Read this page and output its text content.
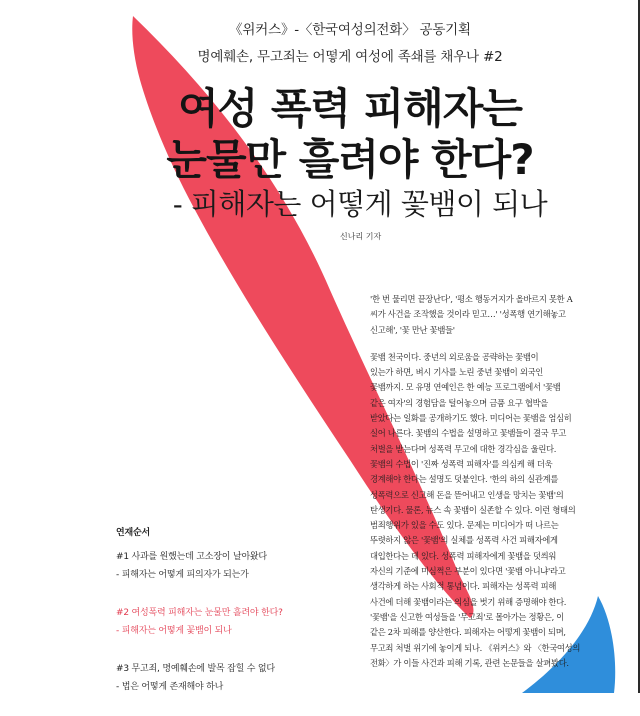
《위커스》-〈한국여성의전화〉 공동기획
명예훼손, 무고죄는 어떻게 여성에 족쇄를 채우나 #2
여성 폭력 피해자는
눈물만 흘려야 한다?
- 피해자는 어떻게 꽃뱀이 되나
신나리 기자

'한 번 물리면 끝장난다', '평소 행동거지가 올바르지 못한 A

씨가 사건을 조작했을 것이라 믿고…' '성폭행 연기해놓고

신고해', '꽃 만난 꽃뱀들'

꽃뱀 천국이다. 중년의 외로움을 공략하는 꽃뱀이

있는가 하면, 벼시 기사를 노린 중년 꽃뱀이 외국인

꽃뱀까지. 모 유명 연예인은 한 예능 프로그램에서 '꽃뱀

같은 여자'의 경험담을 털어놓으며 금품 요구 협박을

받았다는 일화를 공개하기도 했다. 미디어는 꽃뱀을 엄심히

실어 나른다. 꽃뱀의 수법을 설명하고 꽃뱀들이 결국 무고

처벌을 받는다며 성폭력 무고에 대한 경각심을 울린다.

꽃뱀의 수법이 '진짜 성폭력 피해자'를 의심케 해 더욱

경계해야 한다는 설명도 덧붙인다. '한의 하의 실관계를

성폭력으로 신고해 돈을 뜯어내고 인생을 망치는 꽃뱀'의

탄생기다. 물론, 뉴스 속 꽃뱀이 실존할 수 있다. 이런 형태의

범죄행위가 있을 수도 있다. 문제는 미디어가 떠 나르는

뚜렷하지 않은 '꽃뱀'의 실체를 성폭력 사건 피해자에게

대입한다는 데 있다. 성폭력 피해자에게 꽃뱀을 덧씌워

자신의 기준에 미심쩍은 부분이 있다면 '꽃뱀 아니냐'라고

생각하게 하는 사회적 통념이다. 피해자는 성폭력 피해

사건에 더해 꽃뱀이라는 의심을 벗기 위해 증명해야 한다.

'꽃뱀'을 신고한 여성들을 '무고죄'로 몰아가는 정황은, 이

같은 2차 피해를 양산한다. 피해자는 어떻게 꽃뱀이 되며,

무고죄 처벌 위기에 놓이게 되나. 《위커스》와 〈한국여성의

전화〉가 이들 사건과 피해 기록, 관련 논문들을 살펴봤다.

연재순서
#1 사과를 원했는데 고소장이 날아왔다
- 피해자는 어떻게 피의자가 되는가
#2 여성폭력 피해자는 눈물만 흘려야 한다?
- 피해자는 어떻게 꽃뱀이 되나
#3 무고죄, 명예훼손에 발목 잡힐 수 없다
- 법은 어떻게 존재해야 하나
